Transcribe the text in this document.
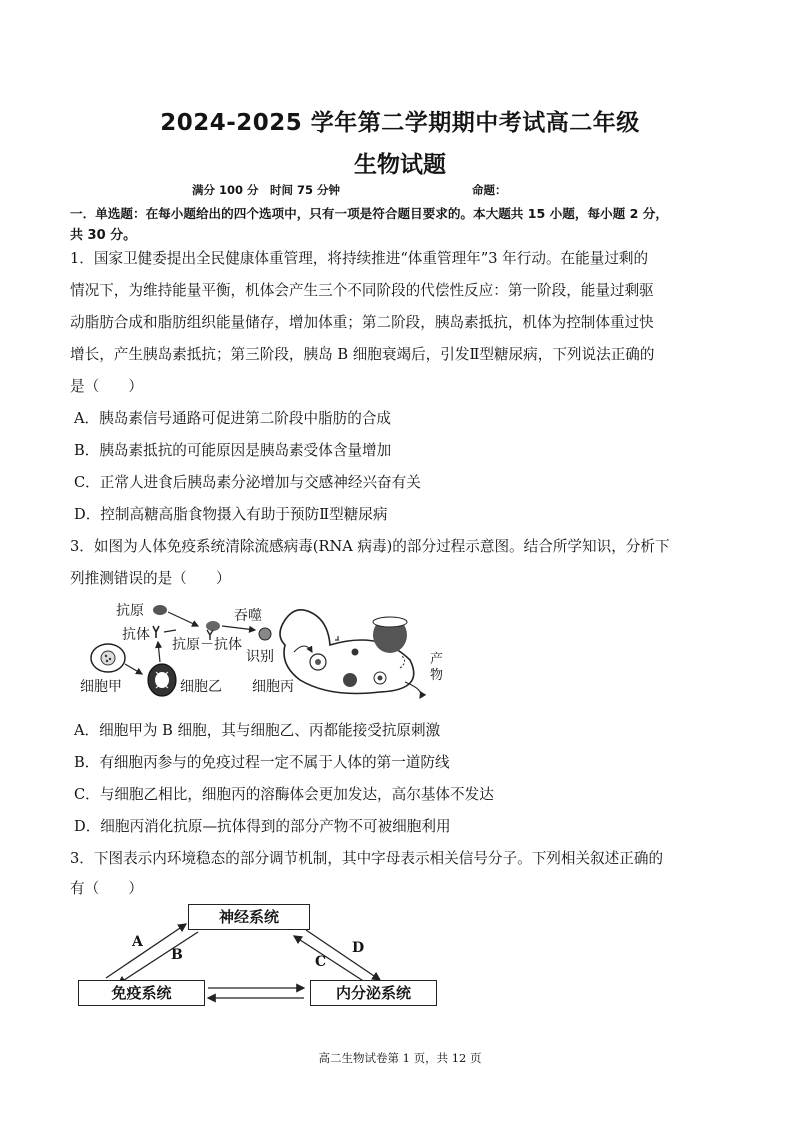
2024-2025 学年第二学期期中考试高二年级
生物试题
满分 100 分　时间 75 分钟	命题：
一．单选题：在每小题给出的四个选项中，只有一项是符合题目要求的。本大题共 15 小题，每小题 2 分，
共 30 分。
1．国家卫健委提出全民健康体重管理，将持续推进“体重管理年”3 年行动。在能量过剩的
情况下，为维持能量平衡，机体会产生三个不同阶段的代偿性反应：第一阶段，能量过剩驱
动脂肪合成和脂肪组织能量储存，增加体重；第二阶段，胰岛素抵抗，机体为控制体重过快
增长，产生胰岛素抵抗；第三阶段，胰岛 B 细胞衰竭后，引发Ⅱ型糖尿病，下列说法正确的
是（　　）
A．胰岛素信号通路可促进第二阶段中脂肪的合成
B．胰岛素抵抗的可能原因是胰岛素受体含量增加
C．正常人进食后胰岛素分泌增加与交感神经兴奋有关
D．控制高糖高脂食物摄入有助于预防Ⅱ型糖尿病
3．如图为人体免疫系统清除流感病毒(RNA 病毒)的部分过程示意图。结合所学知识，分析下
列推测错误的是（　　）
抗原
抗体
抗原－抗体
吞噬
识别	产
物
细胞甲	细胞乙 细胞丙
A．细胞甲为 B 细胞，其与细胞乙、丙都能接受抗原刺激
B．有细胞丙参与的免疫过程一定不属于人体的第一道防线
C．与细胞乙相比，细胞丙的溶酶体会更加发达，高尔基体不发达
D．细胞丙消化抗原—抗体得到的部分产物不可被细胞利用
3．下图表示内环境稳态的部分调节机制，其中字母表示相关信号分子。下列相关叙述正确的
有（　　）
神经系统
免疫系统	内分泌系统
A
B	C
D
高二生物试卷第 1 页，共 12 页
